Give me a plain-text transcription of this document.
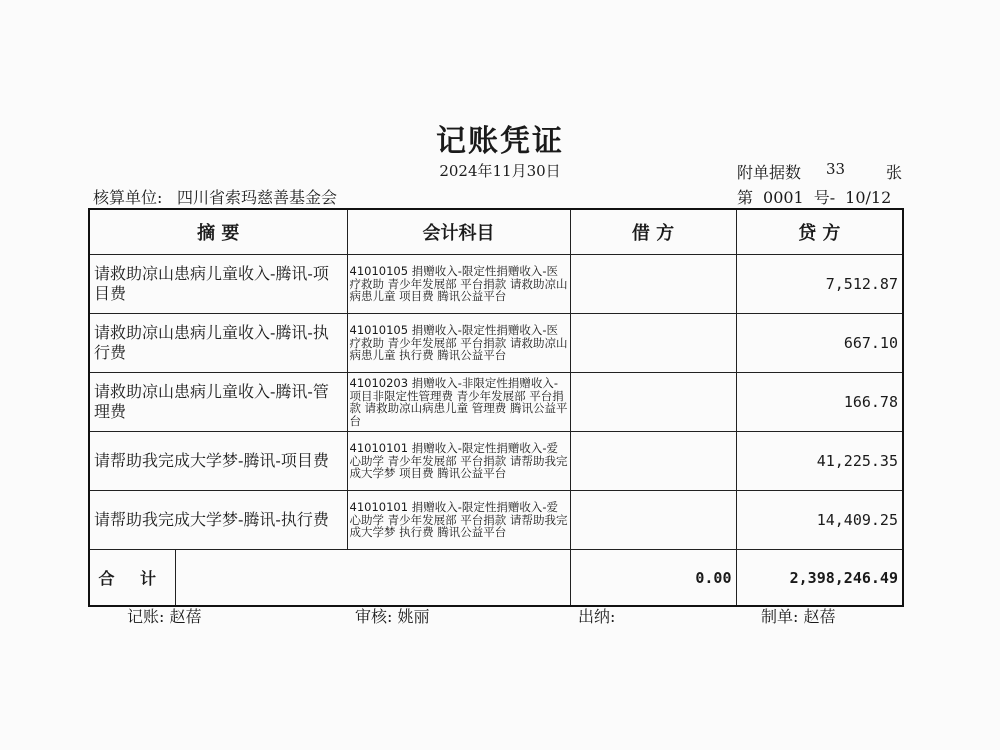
记账凭证
2024年11月30日	附单据数 33	张
核算单位: 四川省索玛慈善基金会	第 0001 号- 10/12
摘 要		会计科目	借 方	贷 方
请救助凉山患病儿童收入-腾讯-项目费		41010105 捐赠收入-限定性捐赠收入-医疗救助 青少年发展部 平台捐款 请救助凉山病患儿童 项目费 腾讯公益平台		7,512.87
请救助凉山患病儿童收入-腾讯-执行费		41010105 捐赠收入-限定性捐赠收入-医疗救助 青少年发展部 平台捐款 请救助凉山病患儿童 执行费 腾讯公益平台		667.10
请救助凉山患病儿童收入-腾讯-管理费		41010203 捐赠收入-非限定性捐赠收入-项目非限定性管理费 青少年发展部 平台捐款 请救助凉山病患儿童 管理费 腾讯公益平台		166.78
请帮助我完成大学梦-腾讯-项目费		41010101 捐赠收入-限定性捐赠收入-爱心助学 青少年发展部 平台捐款 请帮助我完成大学梦 项目费 腾讯公益平台		41,225.35
请帮助我完成大学梦-腾讯-执行费		41010101 捐赠收入-限定性捐赠收入-爱心助学 青少年发展部 平台捐款 请帮助我完成大学梦 执行费 腾讯公益平台		14,409.25
合 计			0.00	2,398,246.49
记账: 赵蓓	审核: 姚丽	出纳:	制单: 赵蓓
